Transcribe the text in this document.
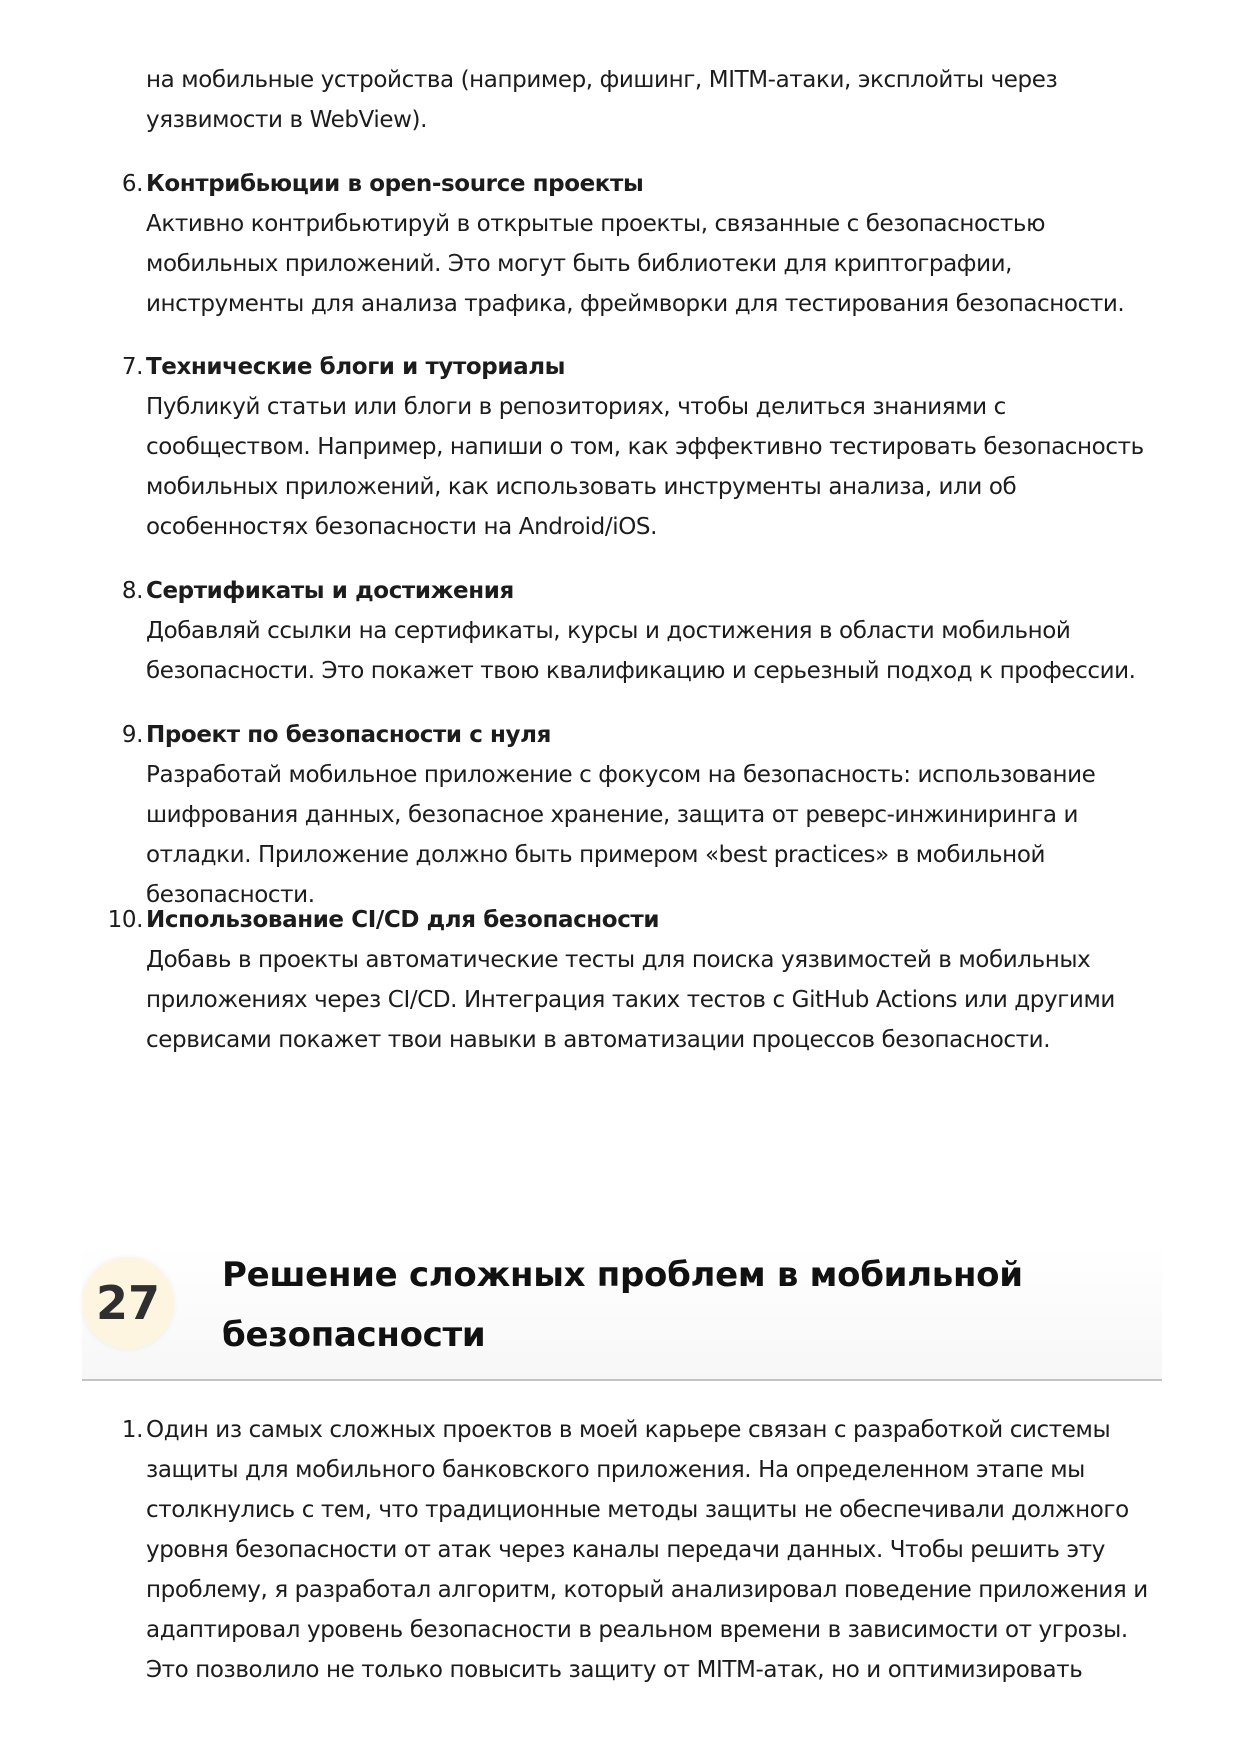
на мобильные устройства (например, фишинг, MITM-атаки, эксплойты через уязвимости в WebView).
6. Контрибьюции в open-source проекты
Активно контрибьютируй в открытые проекты, связанные с безопасностью мобильных приложений. Это могут быть библиотеки для криптографии, инструменты для анализа трафика, фреймворки для тестирования безопасности.
7. Технические блоги и туториалы
Публикуй статьи или блоги в репозиториях, чтобы делиться знаниями с сообществом. Например, напиши о том, как эффективно тестировать безопасность мобильных приложений, как использовать инструменты анализа, или об особенностях безопасности на Android/iOS.
8. Сертификаты и достижения
Добавляй ссылки на сертификаты, курсы и достижения в области мобильной безопасности. Это покажет твою квалификацию и серьезный подход к профессии.
9. Проект по безопасности с нуля
Разработай мобильное приложение с фокусом на безопасность: использование шифрования данных, безопасное хранение, защита от реверс-инжиниринга и отладки. Приложение должно быть примером «best practices» в мобильной безопасности.
10. Использование CI/CD для безопасности
Добавь в проекты автоматические тесты для поиска уязвимостей в мобильных приложениях через CI/CD. Интеграция таких тестов с GitHub Actions или другими сервисами покажет твои навыки в автоматизации процессов безопасности.
27
Решение сложных проблем в мобильной безопасности
1. Один из самых сложных проектов в моей карьере связан с разработкой системы защиты для мобильного банковского приложения. На определенном этапе мы столкнулись с тем, что традиционные методы защиты не обеспечивали должного уровня безопасности от атак через каналы передачи данных. Чтобы решить эту проблему, я разработал алгоритм, который анализировал поведение приложения и адаптировал уровень безопасности в реальном времени в зависимости от угрозы. Это позволило не только повысить защиту от MITM-атак, но и оптимизировать
